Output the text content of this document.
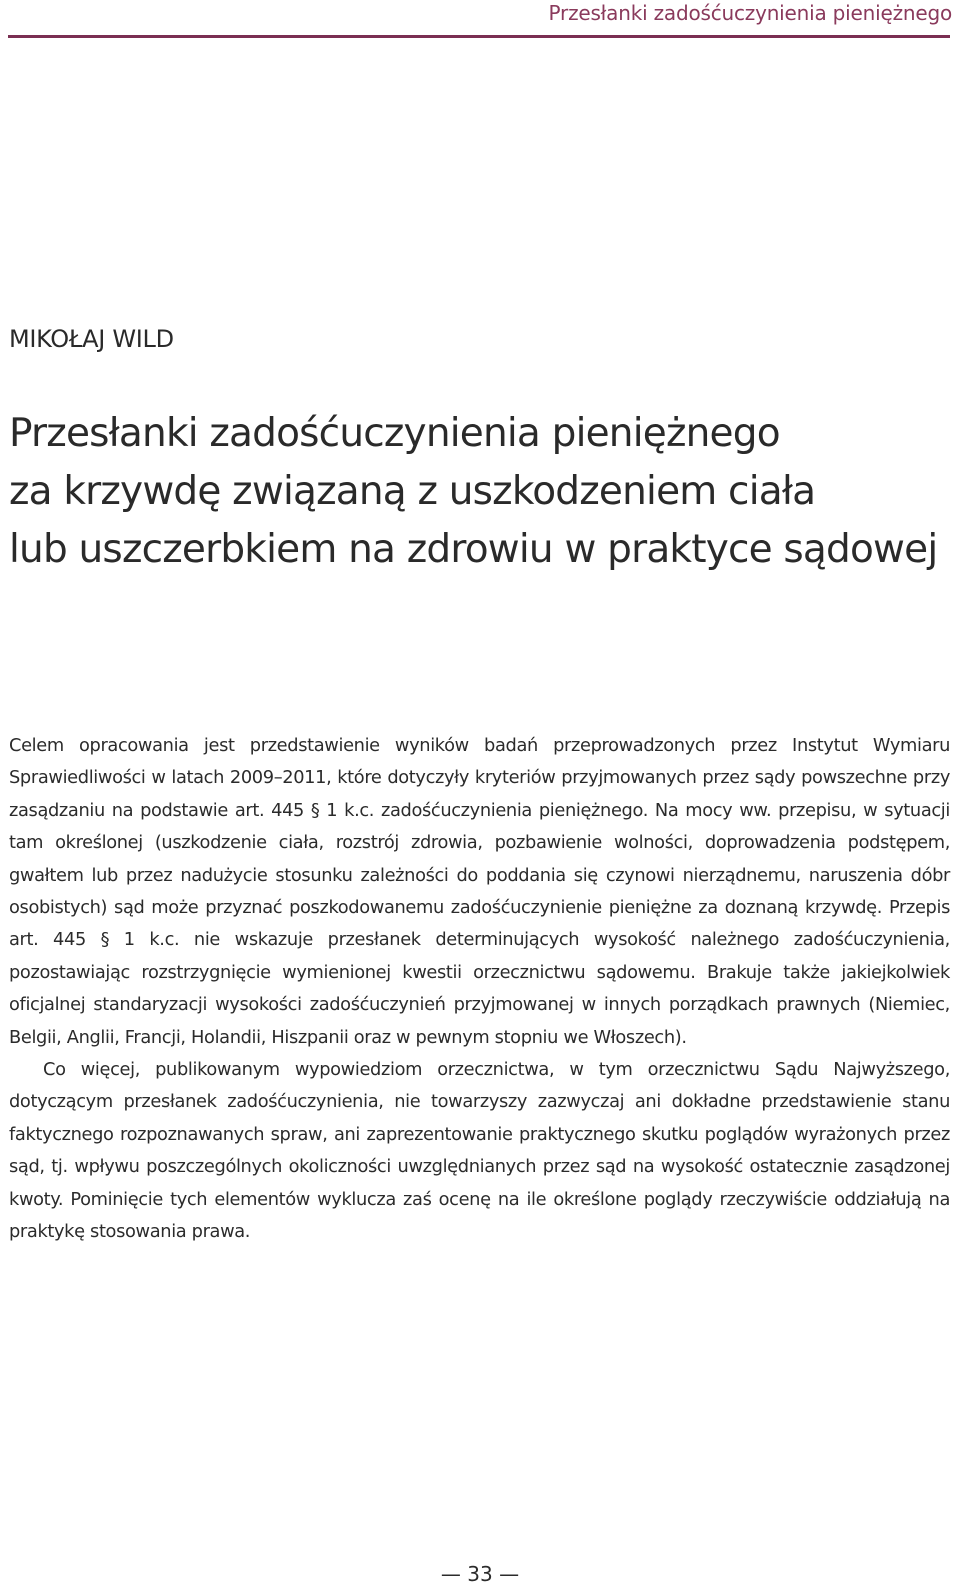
Przesłanki zadośćuczynienia pieniężnego
MIKOŁAJ WILD
Przesłanki zadośćuczynienia pieniężnego
za krzywdę związaną z uszkodzeniem ciała
lub uszczerbkiem na zdrowiu w praktyce sądowej

Celem opracowania jest przedstawienie wyników badań przeprowadzonych przez Instytut Wymiaru Sprawiedliwości w latach 2009–2011, które dotyczyły kryteriów przyjmowanych przez sądy powszechne przy zasądzaniu na podstawie art. 445 § 1 k.c. zadośćuczynienia pieniężnego. Na mocy ww. przepisu, w sytuacji tam określonej (uszkodzenie ciała, rozstrój zdrowia, pozbawienie wolności, doprowadzenia podstępem, gwałtem lub przez nadużycie stosunku zależności do poddania się czynowi nierządnemu, naruszenia dóbr osobistych) sąd może przyznać poszkodowanemu zadośćuczynienie pieniężne za doznaną krzywdę. Przepis art. 445 § 1 k.c. nie wskazuje przesłanek determinujących wysokość należnego zadośćuczynienia, pozostawiając rozstrzygnięcie wymienionej kwestii orzecznictwu sądowemu. Brakuje także jakiejkolwiek oficjalnej standaryzacji wysokości zadośćuczynień przyjmowanej w innych porządkach prawnych (Niemiec, Belgii, Anglii, Francji, Holandii, Hiszpanii oraz w pewnym stopniu we Włoszech).

Co więcej, publikowanym wypowiedziom orzecznictwa, w tym orzecznictwu Sądu Najwyższego, dotyczącym przesłanek zadośćuczynienia, nie towarzyszy zazwyczaj ani dokładne przedstawienie stanu faktycznego rozpoznawanych spraw, ani zaprezentowanie praktycznego skutku poglądów wyrażonych przez sąd, tj. wpływu poszczególnych okoliczności uwzględnianych przez sąd na wysokość ostatecznie zasądzonej kwoty. Pominięcie tych elementów wyklucza zaś ocenę na ile określone poglądy rzeczywiście oddziałują na praktykę stosowania prawa.

— 33 —
